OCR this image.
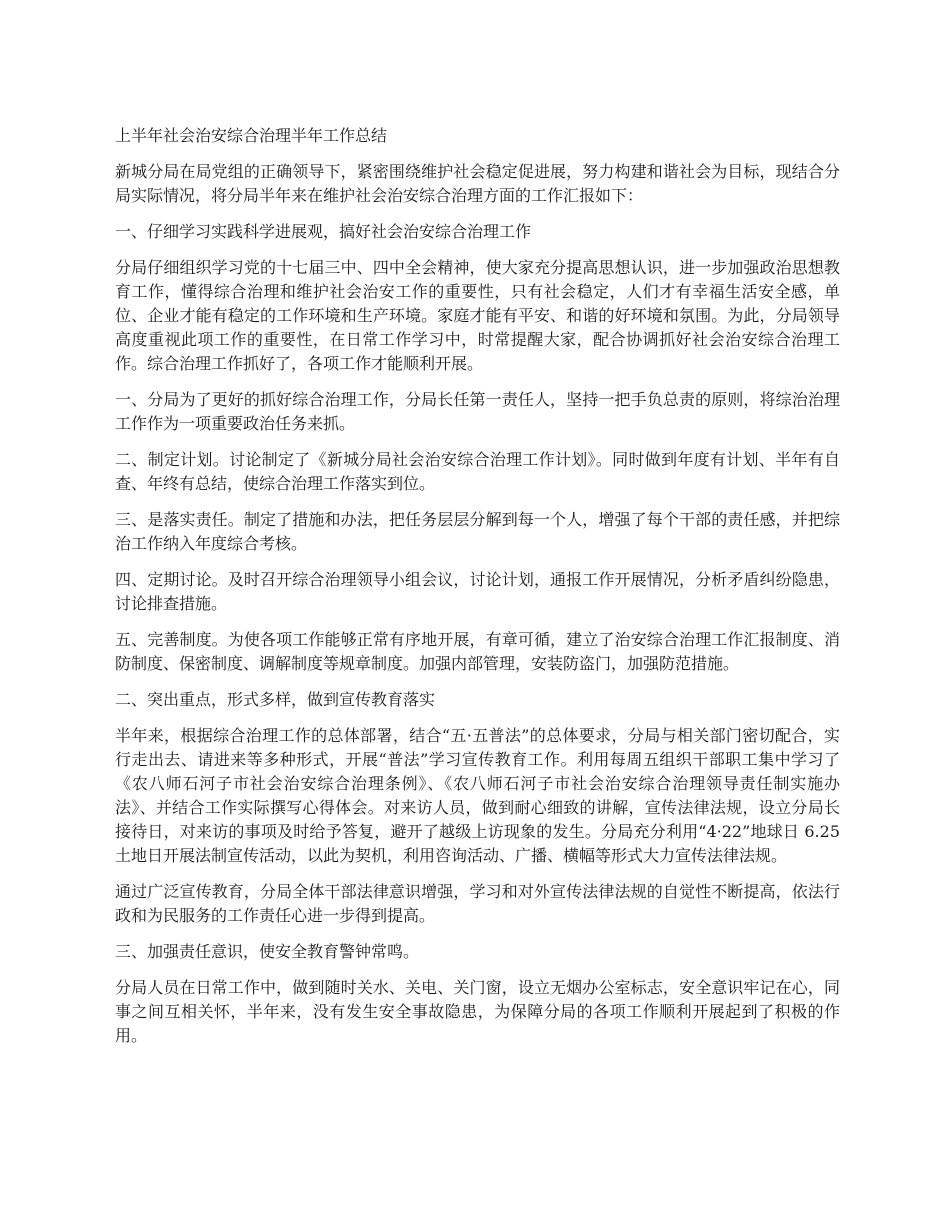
上半年社会治安综合治理半年工作总结

新城分局在局党组的正确领导下，紧密围绕维护社会稳定促进展，努力构建和谐社会为目标，现结合分局实际情况，将分局半年来在维护社会治安综合治理方面的工作汇报如下：

一、仔细学习实践科学进展观，搞好社会治安综合治理工作

分局仔细组织学习党的十七届三中、四中全会精神，使大家充分提高思想认识，进一步加强政治思想教育工作，懂得综合治理和维护社会治安工作的重要性，只有社会稳定，人们才有幸福生活安全感，单位、企业才能有稳定的工作环境和生产环境。家庭才能有平安、和谐的好环境和氛围。为此，分局领导高度重视此项工作的重要性，在日常工作学习中，时常提醒大家，配合协调抓好社会治安综合治理工作。综合治理工作抓好了，各项工作才能顺利开展。

一、分局为了更好的抓好综合治理工作，分局长任第一责任人，坚持一把手负总责的原则，将综治治理工作作为一项重要政治任务来抓。

二、制定计划。讨论制定了《新城分局社会治安综合治理工作计划》。同时做到年度有计划、半年有自查、年终有总结，使综合治理工作落实到位。

三、是落实责任。制定了措施和办法，把任务层层分解到每一个人，增强了每个干部的责任感，并把综治工作纳入年度综合考核。

四、定期讨论。及时召开综合治理领导小组会议，讨论计划，通报工作开展情况，分析矛盾纠纷隐患，讨论排查措施。

五、完善制度。为使各项工作能够正常有序地开展，有章可循，建立了治安综合治理工作汇报制度、消防制度、保密制度、调解制度等规章制度。加强内部管理，安装防盗门，加强防范措施。

二、突出重点，形式多样，做到宣传教育落实

半年来，根据综合治理工作的总体部署，结合“五·五普法”的总体要求，分局与相关部门密切配合，实行走出去、请进来等多种形式，开展“普法”学习宣传教育工作。利用每周五组织干部职工集中学习了《农八师石河子市社会治安综合治理条例》、《农八师石河子市社会治安综合治理领导责任制实施办法》、并结合工作实际撰写心得体会。对来访人员，做到耐心细致的讲解，宣传法律法规，设立分局长接待日，对来访的事项及时给予答复，避开了越级上访现象的发生。分局充分利用“4·22”地球日 6.25 土地日开展法制宣传活动，以此为契机，利用咨询活动、广播、横幅等形式大力宣传法律法规。

通过广泛宣传教育，分局全体干部法律意识增强，学习和对外宣传法律法规的自觉性不断提高，依法行政和为民服务的工作责任心进一步得到提高。

三、加强责任意识，使安全教育警钟常鸣。

分局人员在日常工作中，做到随时关水、关电、关门窗，设立无烟办公室标志，安全意识牢记在心，同事之间互相关怀，半年来，没有发生安全事故隐患，为保障分局的各项工作顺利开展起到了积极的作用。
